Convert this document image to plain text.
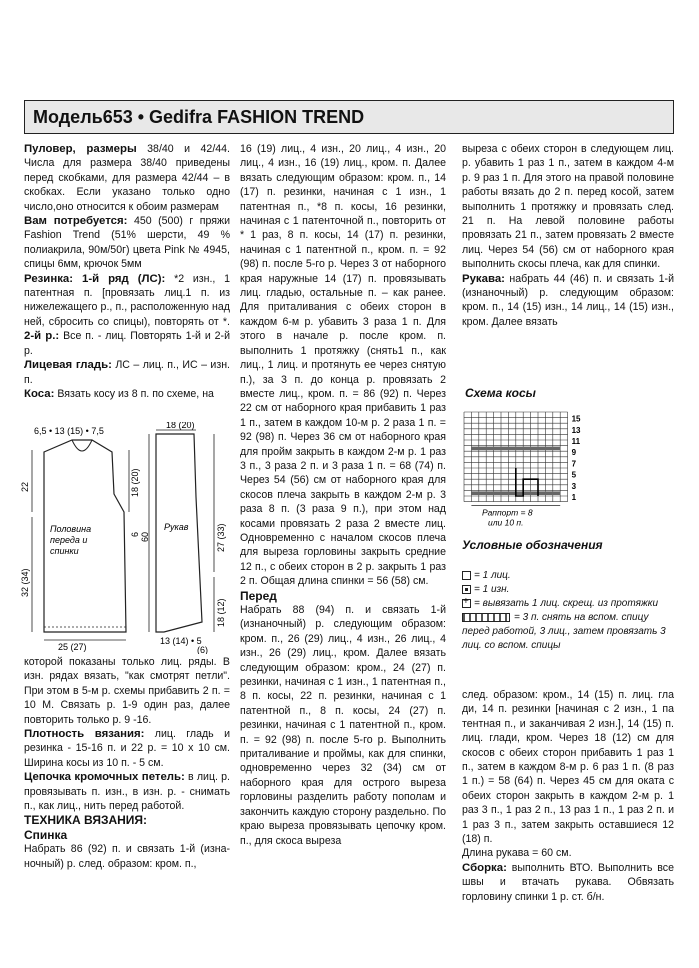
Модель653 • Gedifra FASHION TREND

Пуловер, размеры 38/40 и 42/44. Числа для размера 38/40 приведены перед скобками, для размера 42/44 – в скобках. Если указано только одно число,оно относится к обоим размерам

Вам потребуется: 450 (500) г пряжи Fashion Trend (51% шерсти, 49 % полиакрила, 90м/50г) цвета Pink № 4945, спицы 6мм, крючок 5мм

Резинка: 1-й ряд (ЛС): *2 изн., 1 патентная п. [провязать лиц.1 п. из нижележащего р., п., расположенную над ней, сбросить со спицы), повторять от *. 2-й р.: Все п. - лиц. Повторять 1-й и 2-й р.

Лицевая гладь: ЛС – лиц. п., ИС – изн. п.

Коса: Вязать косу из 8 п. по схеме, на

6,5 • 13 (15) • 7,5
22
32 (34)
18 (20)
6
Половина переда и спинки
25 (27)
18 (20)
60	27 (33)
18 (12)
Рукав
13 (14) • 5
(6)

которой показаны только лиц. ряды. В изн. рядах вязать, "как смотрят петли". При этом в 5-м р. схемы прибавить 2 п. = 10 М. Связать р. 1-9 один раз, далее повторить только р. 9 -16.

Плотность вязания: лиц. гладь и резинка - 15-16 п. и 22 р. = 10 х 10 см. Ширина косы из 10 п. - 5 см.

Цепочка кромочных петель: в лиц. р. провязывать п. изн., в изн. р. - снимать п., как лиц., нить перед работой.

ТЕХНИКА ВЯЗАНИЯ:

Спинка

Набрать 86 (92) п. и связать 1-й (изна-ночный) р. след. образом: кром. п.,

16 (19) лиц., 4 изн., 20 лиц., 4 изн., 20 лиц., 4 изн., 16 (19) лиц., кром. п. Далее вязать следующим образом: кром. п., 14 (17) п. резинки, начиная с 1 изн., 1 патентная п., *8 п. косы, 16 резинки, начиная с 1 патенточной п., повторить от * 1 раз, 8 п. косы, 14 (17) п. резинки, начиная с 1 патентной п., кром. п. = 92 (98) п. после 5-го р. Через 3 от наборного края наружные 14 (17) п. провязывать лиц. гладью, остальные п. – как ранее. Для приталивания с обеих сторон в каждом 6-м р. убавить 3 раза 1 п. Для этого в начале р. после кром. п. выполнить 1 протяжку (снять1 п., как лиц., 1 лиц. и протянуть ее через снятую п.), за 3 п. до конца р. провязать 2 вместе лиц., кром. п. = 86 (92) п. Через 22 см от наборного края прибавить 1 раз 1 п., затем в каждом 10-м р. 2 раза 1 п. = 92 (98) п. Через 36 см от наборного края для пройм закрыть в каждом 2-м р. 1 раз 3 п., 3 раза 2 п. и 3 раза 1 п. = 68 (74) п. Через 54 (56) см от наборного края для скосов плеча закрыть в каждом 2-м р. 3 раза 8 п. (3 раза 9 п.), при этом над косами провязать 2 раза 2 вместе лиц. Одновременно с началом скосов плеча для выреза горловины закрыть средние 12 п., с обеих сторон в 2 р. закрыть 1 раз 2 п. Общая длина спинки = 56 (58) см.

Перед

Набрать 88 (94) п. и связать 1-й (изнаночный) р. следующим образом: кром. п., 26 (29) лиц., 4 изн., 26 лиц., 4 изн., 26 (29) лиц., кром. Далее вязать следующим образом: кром., 24 (27) п. резинки, начиная с 1 изн., 1 патентная п., 8 п. косы, 22 п. резинки, начиная с 1 патентной п., 8 п. косы, 24 (27) п. резинки, начиная с 1 патентной п., кром. п. = 92 (98) п. после 5-го р. Выполнить приталивание и проймы, как для спинки, одновременно через 32 (34) см от наборного края для острого выреза горловины разделить работу пополам и закончить каждую сторону раздельно. По краю выреза провязывать цепочку кром. п., для скоса выреза

выреза с обеих сторон в следующем лиц. р. убавить 1 раз 1 п., затем в каждом 4-м р. 9 раз 1 п. Для этого на правой половине работы вязать до 2 п. перед косой, затем выполнить 1 протяжку и провязать след. 21 п. На левой половине работы провязать 21 п., затем провязать 2 вместе лиц. Через 54 (56) см от наборного края выполнить скосы плеча, как для спинки.

Рукава: набрать 44 (46) п. и связать 1-й (изнаночный) р. следующим образом: кром. п., 14 (15) изн., 14 лиц., 14 (15) изн., кром. Далее вязать

Схема косы
15
13
11
9
7
5
3
1
Раппорт = 8
или 10 п.
Условные обозначения
= 1 лиц.
= 1 изн.
+= вывязать 1 лиц. скрещ. из протяжки
= 3 п. снять на вспом. спицу перед работой, 3 лиц., затем провязать 3 лиц. со вспом. спицы

след. образом: кром., 14 (15) п. лиц. гла ди, 14 п. резинки [начиная с 2 изн., 1 па тентная п., и заканчивая 2 изн.], 14 (15) п. лиц. глади, кром. Через 18 (12) см для скосов с обеих сторон прибавить 1 раз 1 п., затем в каждом 8-м р. 6 раз 1 п. (8 раз 1 п.) = 58 (64) п. Через 45 см для оката с обеих сторон закрыть в каждом 2-м р. 1 раз 3 п., 1 раз 2 п., 13 раз 1 п., 1 раз 2 п. и 1 раз 3 п., затем закрыть оставшиеся 12 (18) п.

Длина рукава = 60 см.

Сборка: выполнить ВТО. Выполнить все швы и втачать рукава. Обвязать горловину спинки 1 р. ст. б/н.
